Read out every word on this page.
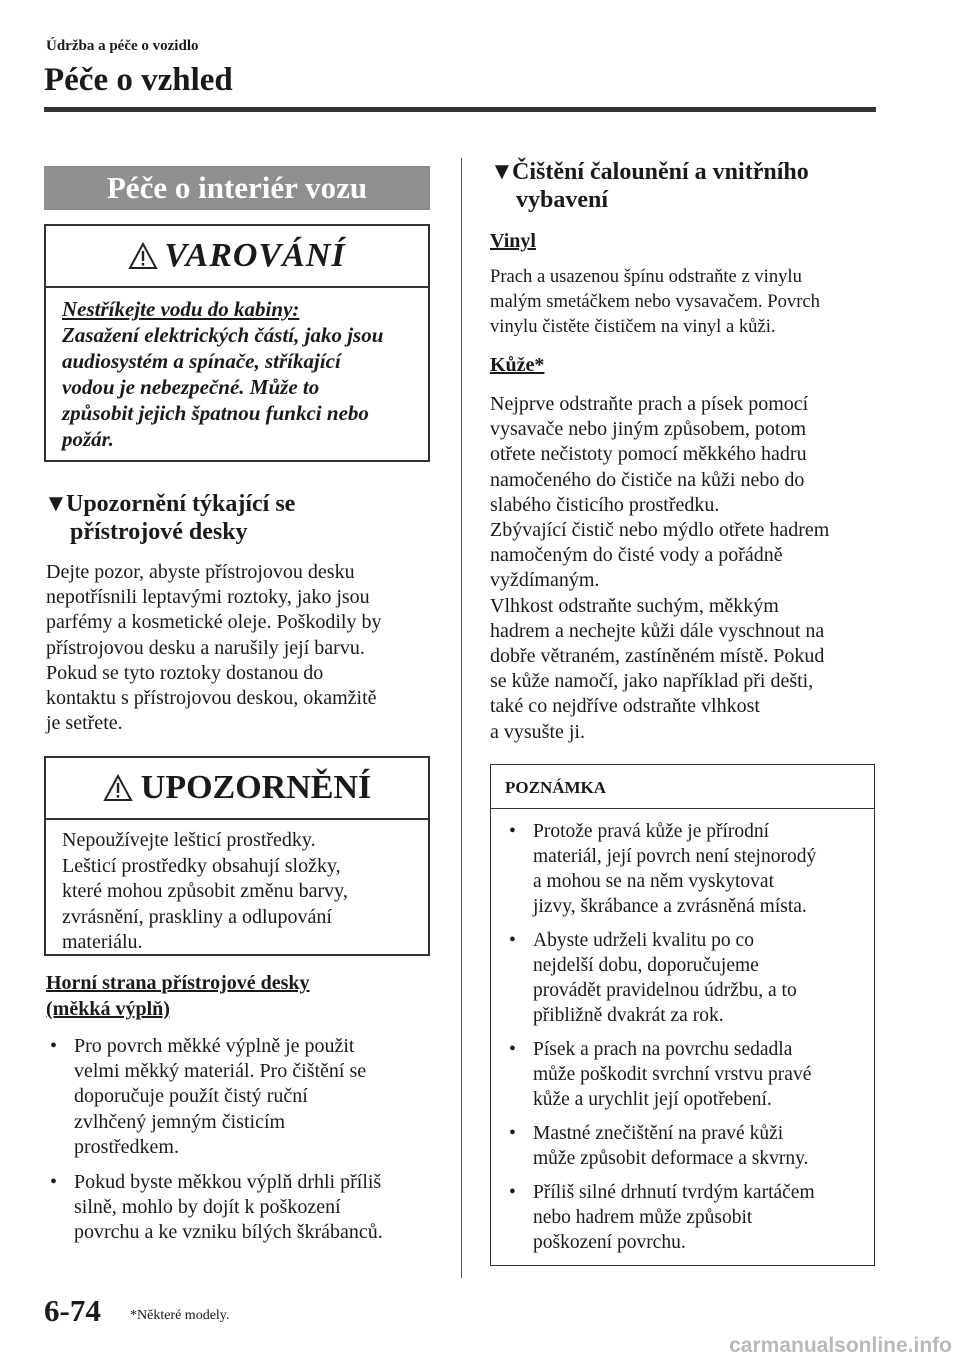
Údržba a péče o vozidlo
Péče o vzhled
Péče o interiér vozu
VAROVÁNÍ
Nestříkejte vodu do kabiny:
Zasažení elektrických částí, jako jsou
audiosystém a spínače, stříkající
vodou je nebezpečné. Může to
způsobit jejich špatnou funkci nebo
požár.
▼Upozornění týkající se
přístrojové desky
Dejte pozor, abyste přístrojovou desku
nepotřísnili leptavými roztoky, jako jsou
parfémy a kosmetické oleje. Poškodily by
přístrojovou desku a narušily její barvu.
Pokud se tyto roztoky dostanou do
kontaktu s přístrojovou deskou, okamžitě
je setřete.
UPOZORNĚNÍ
Nepoužívejte lešticí prostředky.
Lešticí prostředky obsahují složky,
které mohou způsobit změnu barvy,
zvrásnění, praskliny a odlupování
materiálu.
Horní strana přístrojové desky
(měkká výplň)
• Pro povrch měkké výplně je použit
velmi měkký materiál. Pro čištění se
doporučuje použít čistý ruční
zvlhčený jemným čisticím
prostředkem.
• Pokud byste měkkou výplň drhli příliš
silně, mohlo by dojít k poškození
povrchu a ke vzniku bílých škrábanců.
▼Čištění čalounění a vnitřního
vybavení
Vinyl
Prach a usazenou špínu odstraňte z vinylu
malým smetáčkem nebo vysavačem. Povrch
vinylu čistěte čističem na vinyl a kůži.
Kůže*
Nejprve odstraňte prach a písek pomocí
vysavače nebo jiným způsobem, potom
otřete nečistoty pomocí měkkého hadru
namočeného do čističe na kůži nebo do
slabého čisticího prostředku.
Zbývající čistič nebo mýdlo otřete hadrem
namočeným do čisté vody a pořádně
vyždímaným.
Vlhkost odstraňte suchým, měkkým
hadrem a nechejte kůži dále vyschnout na
dobře větraném, zastíněném místě. Pokud
se kůže namočí, jako například při dešti,
také co nejdříve odstraňte vlhkost
a vysušte ji.
POZNÁMKA
• Protože pravá kůže je přírodní
materiál, její povrch není stejnorodý
a mohou se na něm vyskytovat
jizvy, škrábance a zvrásněná místa.
• Abyste udrželi kvalitu po co
nejdelší dobu, doporučujeme
provádět pravidelnou údržbu, a to
přibližně dvakrát za rok.
• Písek a prach na povrchu sedadla
může poškodit svrchní vrstvu pravé
kůže a urychlit její opotřebení.
• Mastné znečištění na pravé kůži
může způsobit deformace a skvrny.
• Příliš silné drhnutí tvrdým kartáčem
nebo hadrem může způsobit
poškození povrchu.
6-74 *Některé modely.
carmanualsonline.info
